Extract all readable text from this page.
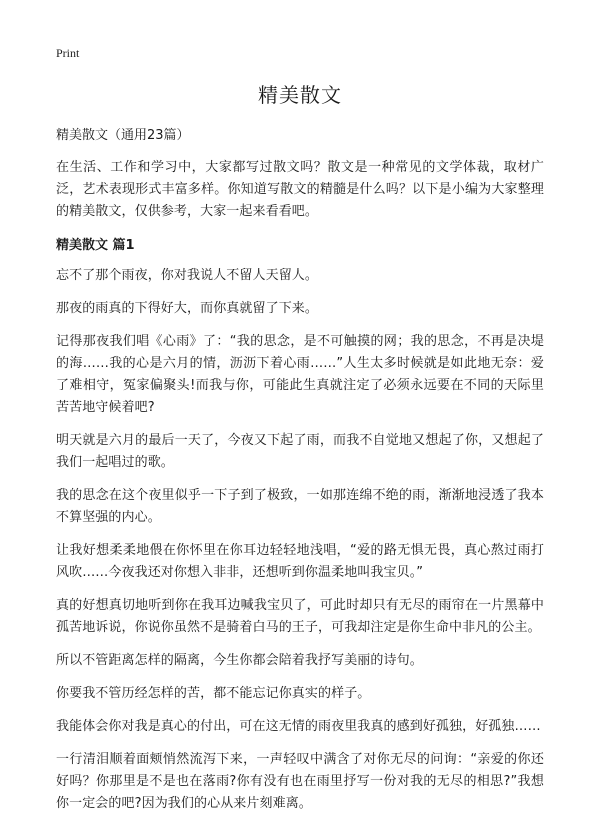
Print
精美散文
精美散文（通用23篇）

在生活、工作和学习中，大家都写过散文吗？散文是一种常见的文学体裁，取材广泛，艺术表现形式丰富多样。你知道写散文的精髓是什么吗？以下是小编为大家整理的精美散文，仅供参考，大家一起来看看吧。

精美散文 篇1

忘不了那个雨夜，你对我说人不留人天留人。

那夜的雨真的下得好大，而你真就留了下来。

记得那夜我们唱《心雨》了：“我的思念，是不可触摸的网；我的思念，不再是决堤的海……我的心是六月的情，沥沥下着心雨……”人生太多时候就是如此地无奈：爱了难相守，冤家偏聚头!而我与你，可能此生真就注定了必须永远要在不同的天际里苦苦地守候着吧?

明天就是六月的最后一天了，今夜又下起了雨，而我不自觉地又想起了你，又想起了我们一起唱过的歌。

我的思念在这个夜里似乎一下子到了极致，一如那连绵不绝的雨，渐渐地浸透了我本不算坚强的内心。

让我好想柔柔地偎在你怀里在你耳边轻轻地浅唱，“爱的路无惧无畏，真心熬过雨打风吹……今夜我还对你想入非非，还想听到你温柔地叫我宝贝。”

真的好想真切地听到你在我耳边喊我宝贝了，可此时却只有无尽的雨帘在一片黑幕中孤苦地诉说，你说你虽然不是骑着白马的王子，可我却注定是你生命中非凡的公主。

所以不管距离怎样的隔离，今生你都会陪着我抒写美丽的诗句。

你要我不管历经怎样的苦，都不能忘记你真实的样子。

我能体会你对我是真心的付出，可在这无情的雨夜里我真的感到好孤独，好孤独……

一行清泪顺着面颊悄然流泻下来，一声轻叹中满含了对你无尽的问询：“亲爱的你还好吗？你那里是不是也在落雨?你有没有也在雨里抒写一份对我的无尽的相思?”我想你一定会的吧?因为我们的心从来片刻难离。
